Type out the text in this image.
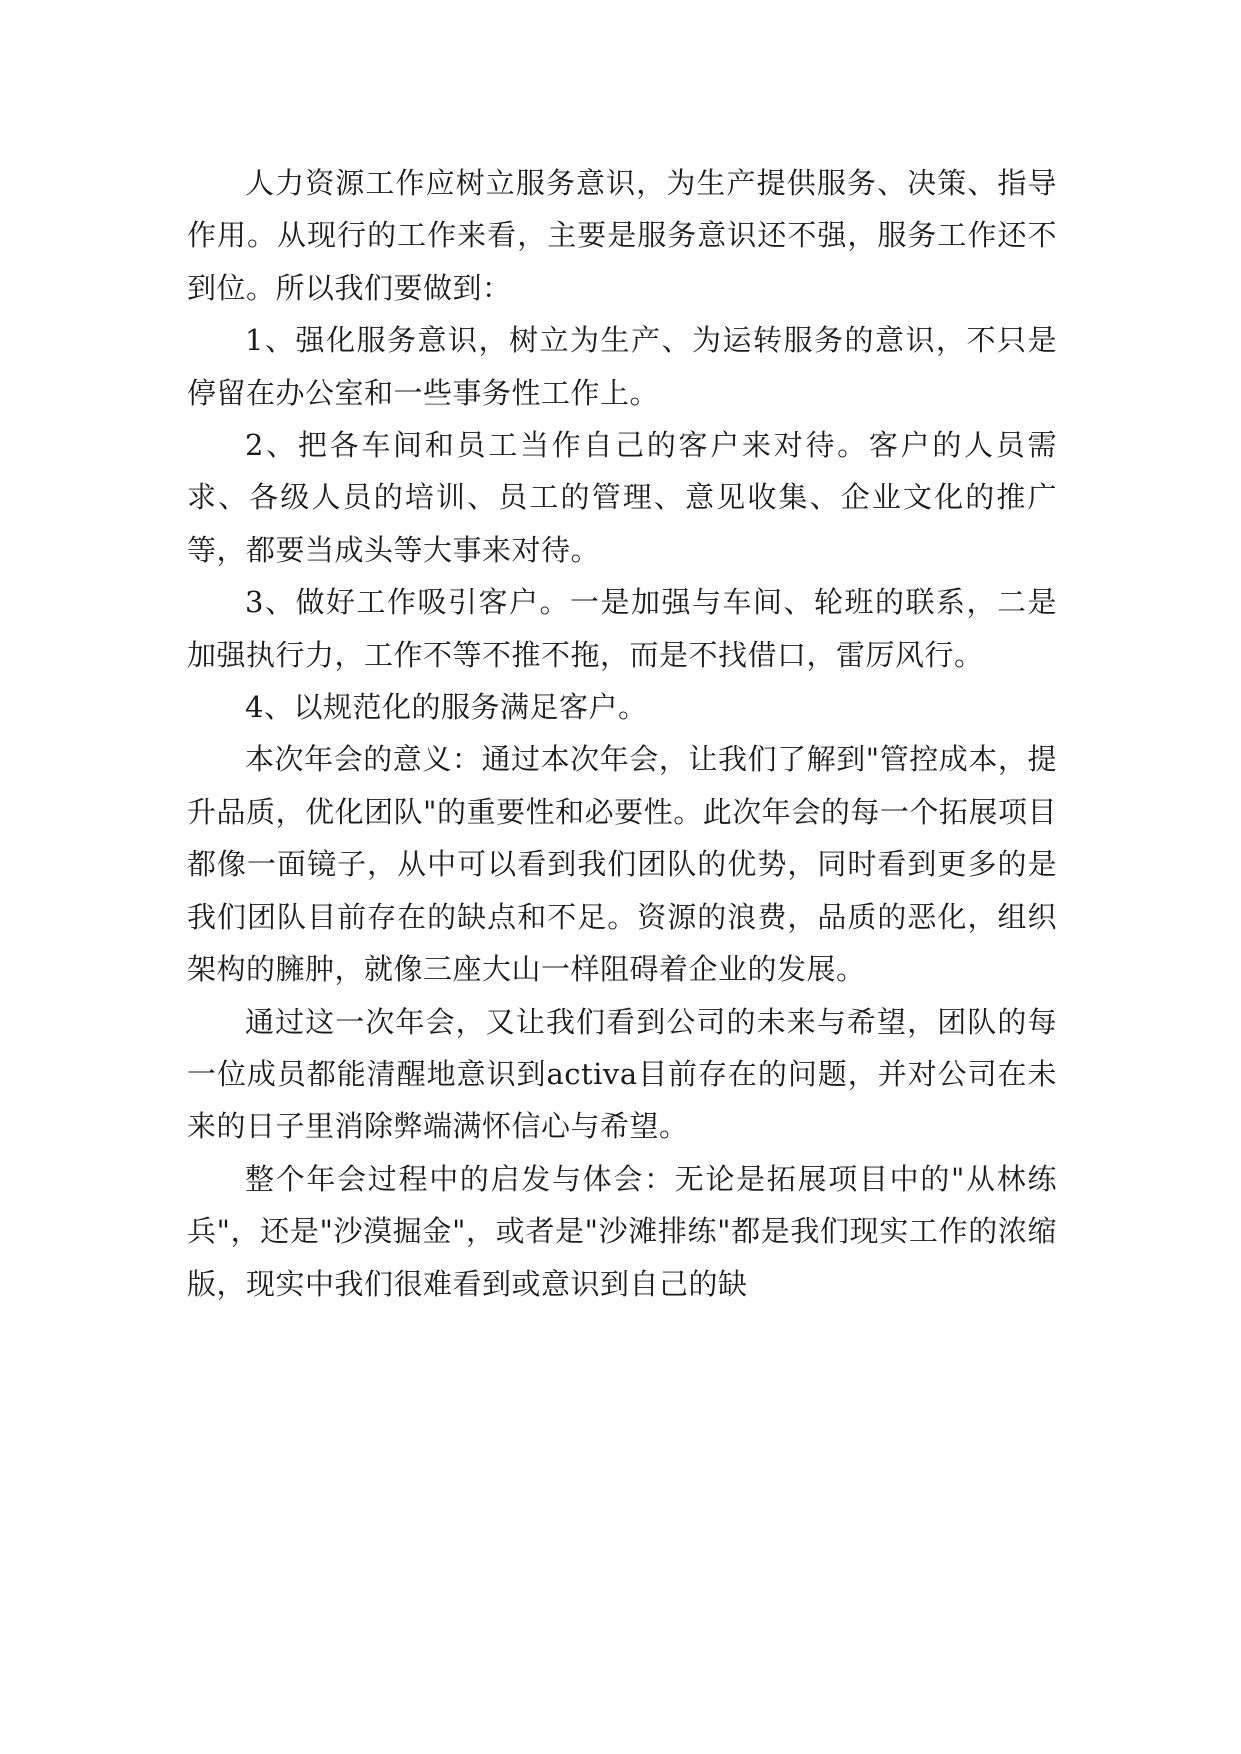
人力资源工作应树立服务意识，为生产提供服务、决策、指导作用。从现行的工作来看，主要是服务意识还不强，服务工作还不到位。所以我们要做到：

1、强化服务意识，树立为生产、为运转服务的意识，不只是停留在办公室和一些事务性工作上。

2、把各车间和员工当作自己的客户来对待。客户的人员需求、各级人员的培训、员工的管理、意见收集、企业文化的推广等，都要当成头等大事来对待。

3、做好工作吸引客户。一是加强与车间、轮班的联系，二是加强执行力，工作不等不推不拖，而是不找借口，雷厉风行。

4、以规范化的服务满足客户。

本次年会的意义：通过本次年会，让我们了解到"管控成本，提升品质，优化团队"的重要性和必要性。此次年会的每一个拓展项目都像一面镜子，从中可以看到我们团队的优势，同时看到更多的是我们团队目前存在的缺点和不足。资源的浪费，品质的恶化，组织架构的臃肿，就像三座大山一样阻碍着企业的发展。

通过这一次年会，又让我们看到公司的未来与希望，团队的每一位成员都能清醒地意识到activa目前存在的问题，并对公司在未来的日子里消除弊端满怀信心与希望。

整个年会过程中的启发与体会：无论是拓展项目中的"从林练兵"，还是"沙漠掘金"，或者是"沙滩排练"都是我们现实工作的浓缩版，现实中我们很难看到或意识到自己的缺
